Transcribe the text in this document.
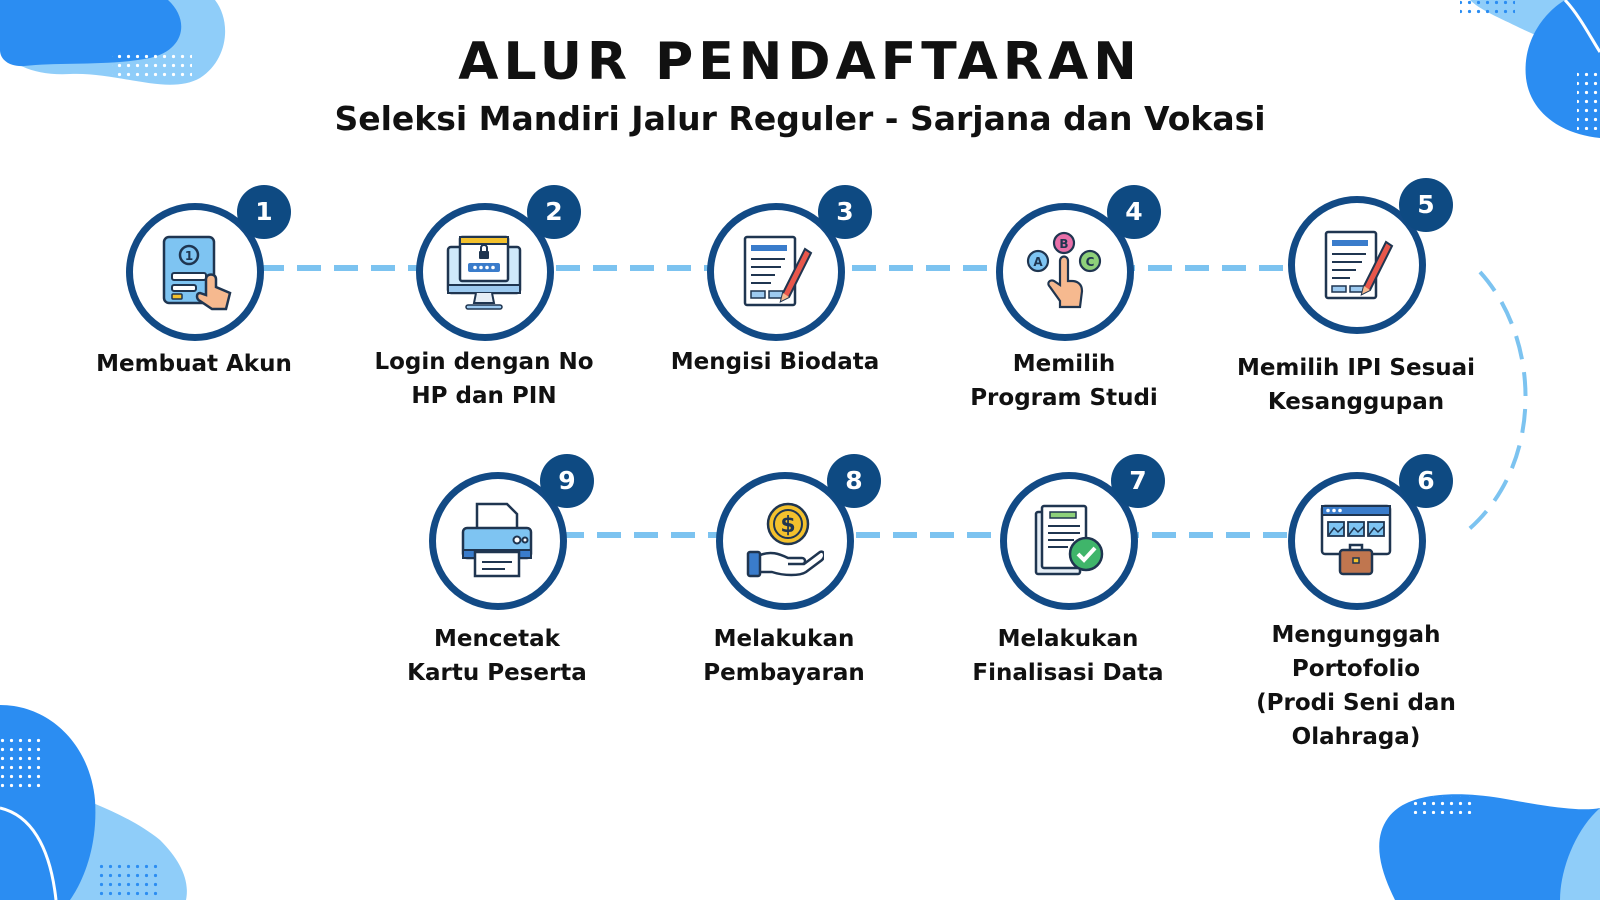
ALUR PENDAFTARAN
Seleksi Mandiri Jalur Reguler - Sarjana dan Vokasi
1
1
Membuat Akun
2
Login dengan No
HP dan PIN
3
Mengisi Biodata
A
B
C
4
Memilih
Program Studi
5
Memilih IPI Sesuai
Kesanggupan
6
Mengunggah
Portofolio
(Prodi Seni dan
Olahraga)
7
Melakukan
Finalisasi Data
$
8
Melakukan
Pembayaran
9
Mencetak
Kartu Peserta
